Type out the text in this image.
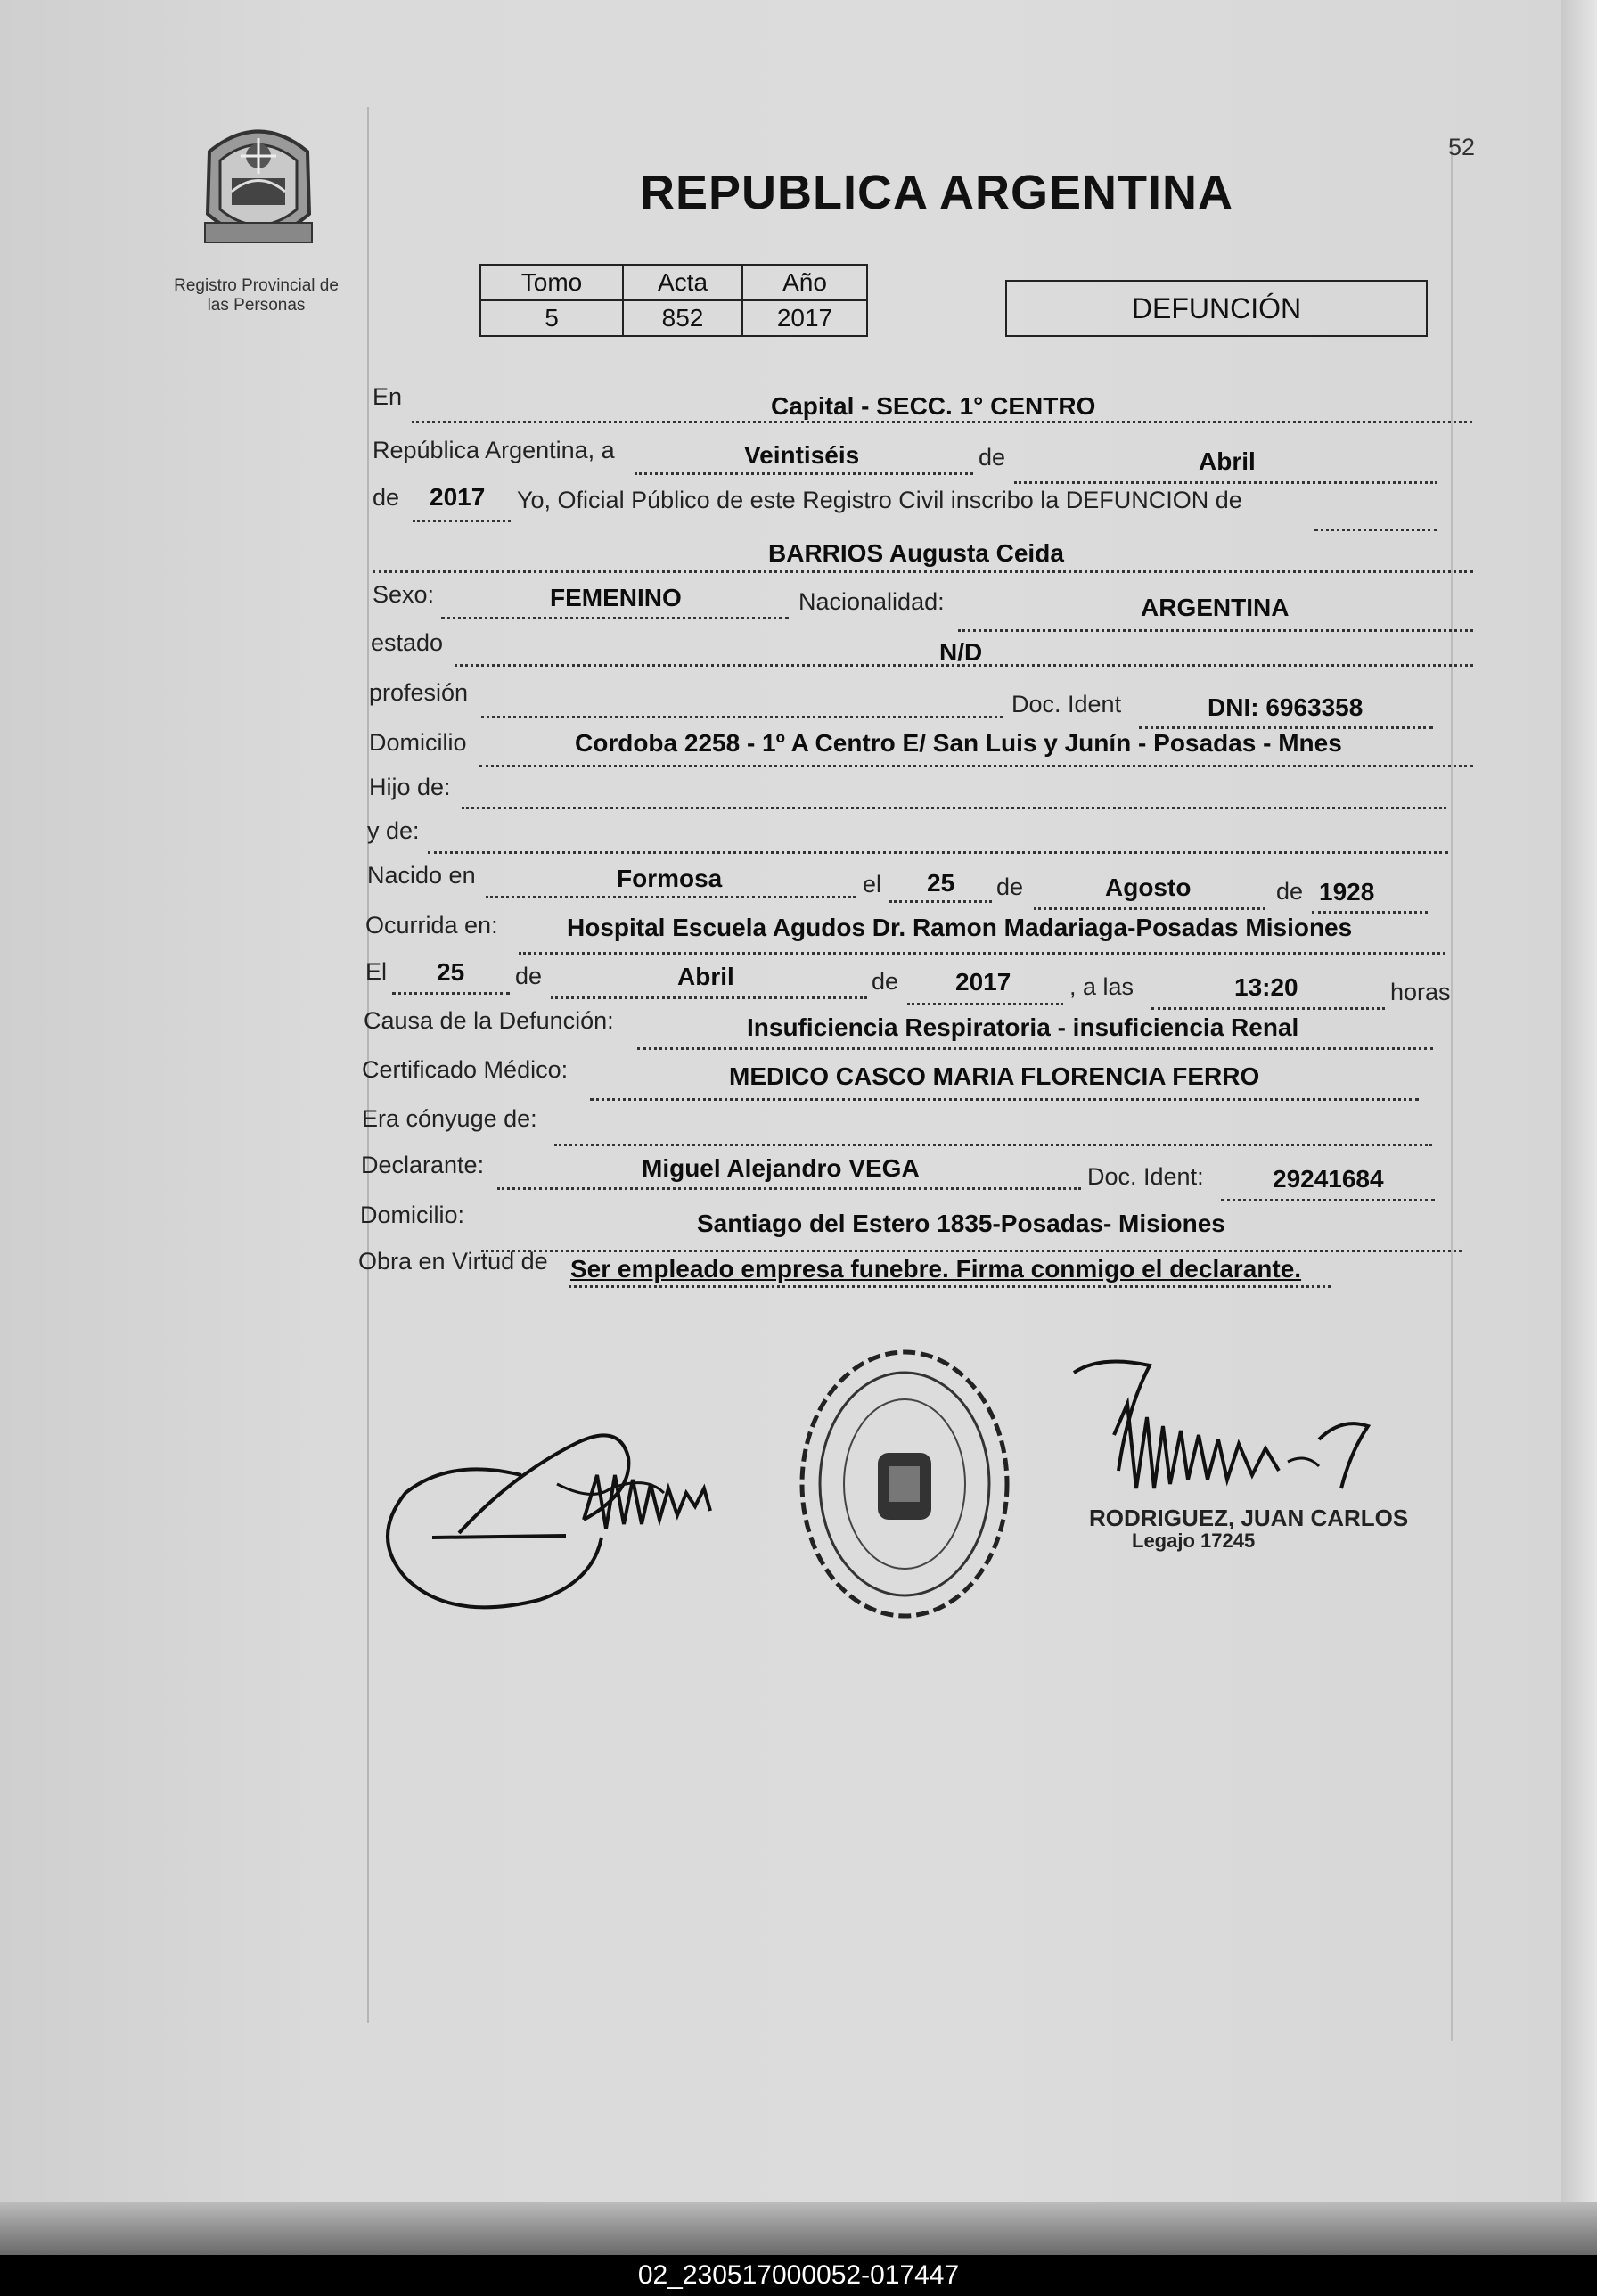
Registro Provincial de
las Personas
52
REPUBLICA ARGENTINA
Tomo	Acta	Año
5	852	2017	DEFUNCIÓN
En	Capital - SECC. 1° CENTRO
República Argentina, a	Veintiséis	de	Abril
de 2017 Yo, Oficial Público de este Registro Civil inscribo la DEFUNCION de
BARRIOS Augusta Ceida
Sexo:	FEMENINO	Nacionalidad:	ARGENTINA
estado	N/D
profesión	Doc. Ident	DNI: 6963358
Domicilio	Cordoba 2258 - 1º A Centro E/ San Luis y Junín - Posadas - Mnes
Hijo de:
y de:
Nacido en	Formosa	el 25 de	Agosto	de 1928
Ocurrida en:	Hospital Escuela Agudos Dr. Ramon Madariaga-Posadas Misiones
El 25 de	Abril	de 2017 , a las	13:20	horas
Causa de la Defunción:	Insuficiencia Respiratoria - insuficiencia Renal
Certificado Médico:	MEDICO CASCO MARIA FLORENCIA FERRO
Era cónyuge de:
Declarante:	Miguel Alejandro VEGA	Doc. Ident:	29241684
Domicilio:	Santiago del Estero 1835-Posadas- Misiones
Obra en Virtud de Ser empleado empresa funebre. Firma conmigo el declarante.
RODRIGUEZ, JUAN CARLOS
Legajo 17245
02_230517000052-017447
